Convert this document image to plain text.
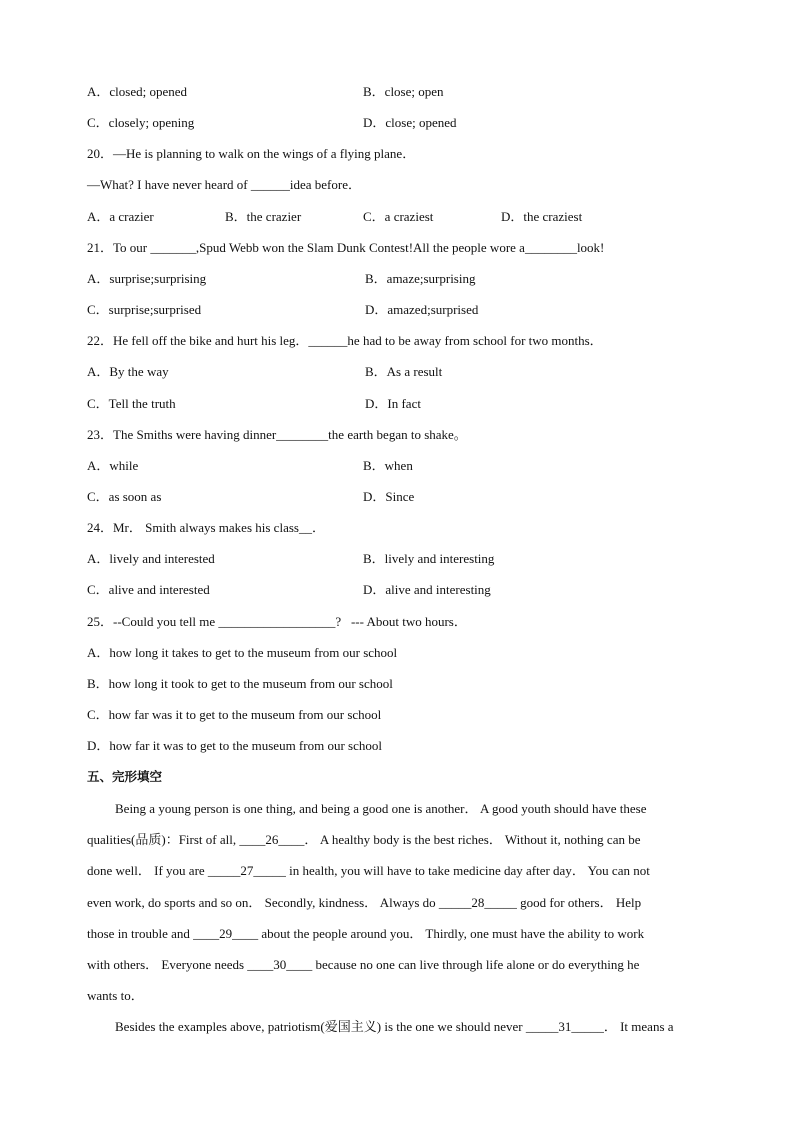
A．closed; opened	B．close; open
C．closely; opening	D．close; opened
20．—He is planning to walk on the wings of a flying plane．
—What? I have never heard of ______idea before．
A．a crazier	B．the crazier	C．a craziest	D．the craziest
21．To our _______,Spud Webb won the Slam Dunk Contest!All the people wore a________look!
A．surprise;surprising	B．amaze;surprising
C．surprise;surprised	D．amazed;surprised
22．He fell off the bike and hurt his leg．______he had to be away from school for two months．
A．By the way	B．As a result
C．Tell the truth	D．In fact
23．The Smiths were having dinner________the earth began to shake。
A．while	B．when
C．as soon as	D．Since
24．Mr． Smith always makes his class__．
A．lively and interested	B．lively and interesting
C．alive and interested	D．alive and interesting
25．--Could you tell me __________________?   --- About two hours．
A．how long it takes to get to the museum from our school
B．how long it took to get to the museum from our school
C．how far was it to get to the museum from our school
D．how far it was to get to the museum from our school
五、完形填空
Being a young person is one thing, and being a good one is another． A good youth should have these
qualities(品质)：First of all, ____26____． A healthy body is the best riches． Without it, nothing can be
done well． If you are _____27_____ in health, you will have to take medicine day after day． You can not
even work, do sports and so on． Secondly, kindness． Always do _____28_____ good for others． Help
those in trouble and ____29____ about the people around you． Thirdly, one must have the ability to work
with others． Everyone needs ____30____ because no one can live through life alone or do everything he
wants to．
Besides the examples above, patriotism(爱国主义) is the one we should never _____31_____． It means a
